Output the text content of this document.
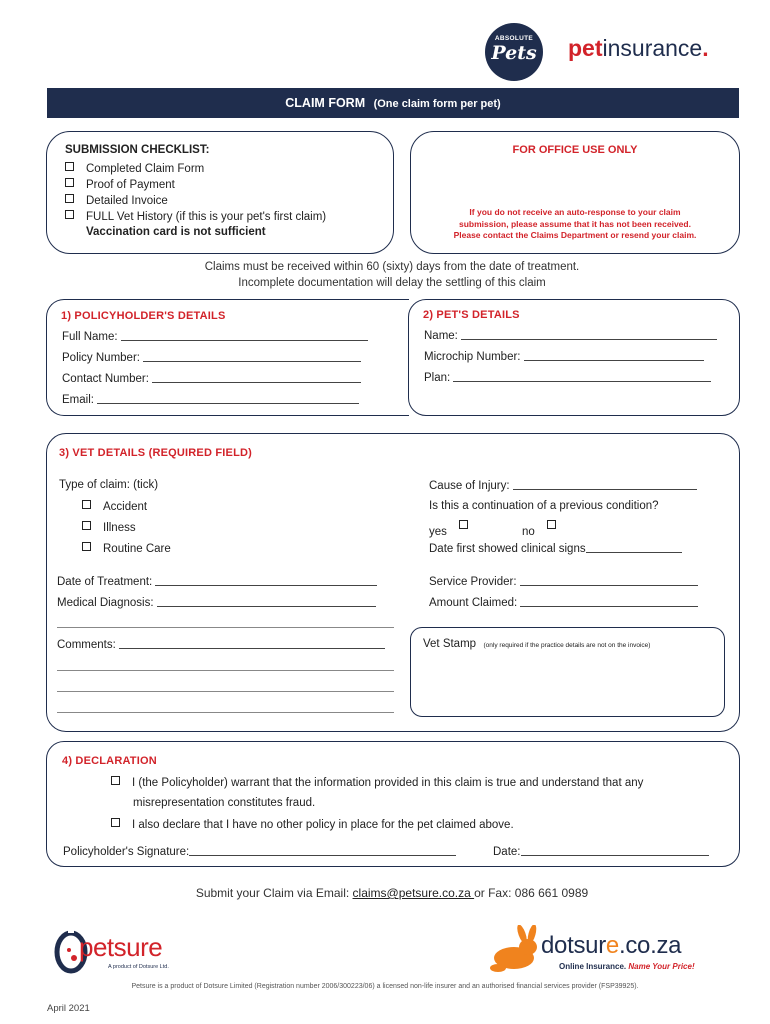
ABSOLUTE
Pets petinsurance.
CLAIM FORM (One claim form per pet)
SUBMISSION CHECKLIST:
Completed Claim Form
Proof of Payment
Detailed Invoice
FULL Vet History (if this is your pet's first claim)
Vaccination card is not sufficient
FOR OFFICE USE ONLY
If you do not receive an auto-response to your claim
submission, please assume that it has not been received.
Please contact the Claims Department or resend your claim.
Claims must be received within 60 (sixty) days from the date of treatment.
Incomplete documentation will delay the settling of this claim
1) POLICYHOLDER'S DETAILS
Full Name:
Policy Number:
Contact Number:
Email:
2) PET'S DETAILS
Name:
Microchip Number:
Plan:
3) VET DETAILS (REQUIRED FIELD)
Type of claim: (tick)
Accident
Illness
Routine Care
Cause of Injury:
Is this a continuation of a previous condition?
yes	no
Date first showed clinical signs
Date of Treatment:
Medical Diagnosis:
Service Provider:
Amount Claimed:
Comments:	Vet Stamp (only required if the practice details are not on the invoice)
4) DECLARATION
I (the Policyholder) warrant that the information provided in this claim is true and understand that any
misrepresentation constitutes fraud.
I also declare that I have no other policy in place for the pet claimed above.
Policyholder's Signature:	Date:
Submit your Claim via Email: claims@petsure.co.za or Fax: 086 661 0989
petsure
A product of Dotsure Ltd.
dotsure.co.za
Online Insurance. Name Your Price!
Petsure is a product of Dotsure Limited (Registration number 2006/300223/06) a licensed non-life insurer and an authorised financial services provider (FSP39925).
April 2021
